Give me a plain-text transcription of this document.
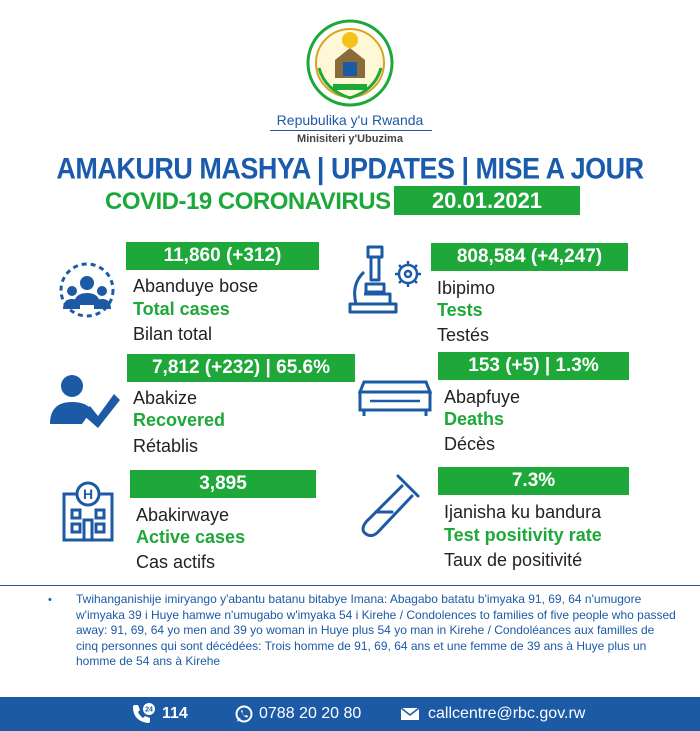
Repubulika y'u Rwanda
Minisiteri y'Ubuzima
AMAKURU MASHYA | UPDATES | MISE A JOUR
COVID-19 CORONAVIRUS	20.01.2021
11,860 (+312)
Abanduye bose
Total cases
Bilan total
808,584 (+4,247)
Ibipimo
Tests
Testés
7,812 (+232) | 65.6%
Abakize
Recovered
Rétablis
153 (+5) | 1.3%
Abapfuye
Deaths
Décès
H	3,895
Abakirwaye
Active cases
Cas actifs
7.3%
Ijanisha ku bandura
Test positivity rate
Taux de positivité
• Twihanganishije imiryango y'abantu batanu bitabye Imana: Abagabo batatu b'imyaka 91, 69, 64 n'umugore w'imyaka 39 i Huye hamwe n'umugabo w'imyaka 54 i Kirehe / Condolences to families of five people who passed away: 91, 69, 64 yo men and 39 yo woman in Huye plus 54 yo man in Kirehe / Condoléances aux familles de cinq personnes qui sont décédées: Trois homme de 91, 69, 64 ans et une femme de 39 ans à Huye plus un homme de 54 ans à Kirehe
24 114	0788 20 20 80	callcentre@rbc.gov.rw
